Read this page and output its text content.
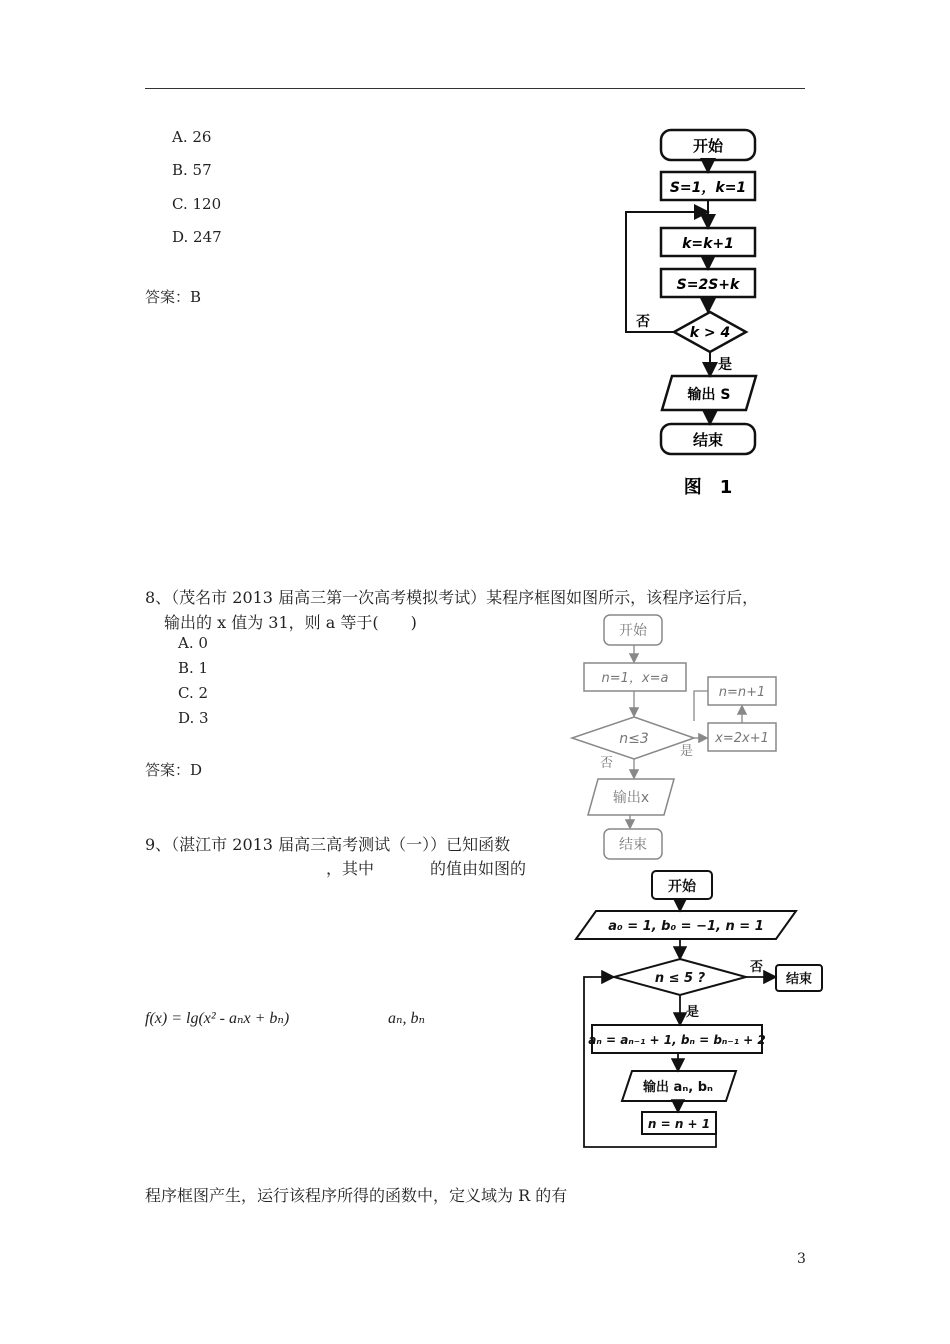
A. 26
B. 57
C. 120
D. 247
答案：B
开始
S=1，k=1
k=k+1
S=2S+k
k > 4
否
是
输出 S
结束
图　1
8、（茂名市 2013 届高三第一次高考模拟考试）某程序框图如图所示，该程序运行后，
输出的 x 值为 31，则 a 等于(　　)
A. 0
B. 1
C. 2
D. 3
答案：D
开始
n=1，x=a
n≤3
是
否
x=2x+1
n=n+1
输出x
结束
9、（湛江市 2013 届高三高考测试（一））已知函数
，其中	的值由如图的
f(x) = lg(x² - aₙx + bₙ)	aₙ, bₙ
程序框图产生，运行该程序所得的函数中，定义域为 R 的有
开始
a₀ = 1, b₀ = −1, n = 1
n ≤ 5 ?
否
结束
是
aₙ = aₙ₋₁ + 1, bₙ = bₙ₋₁ + 2
输出 aₙ, bₙ
n = n + 1
3
